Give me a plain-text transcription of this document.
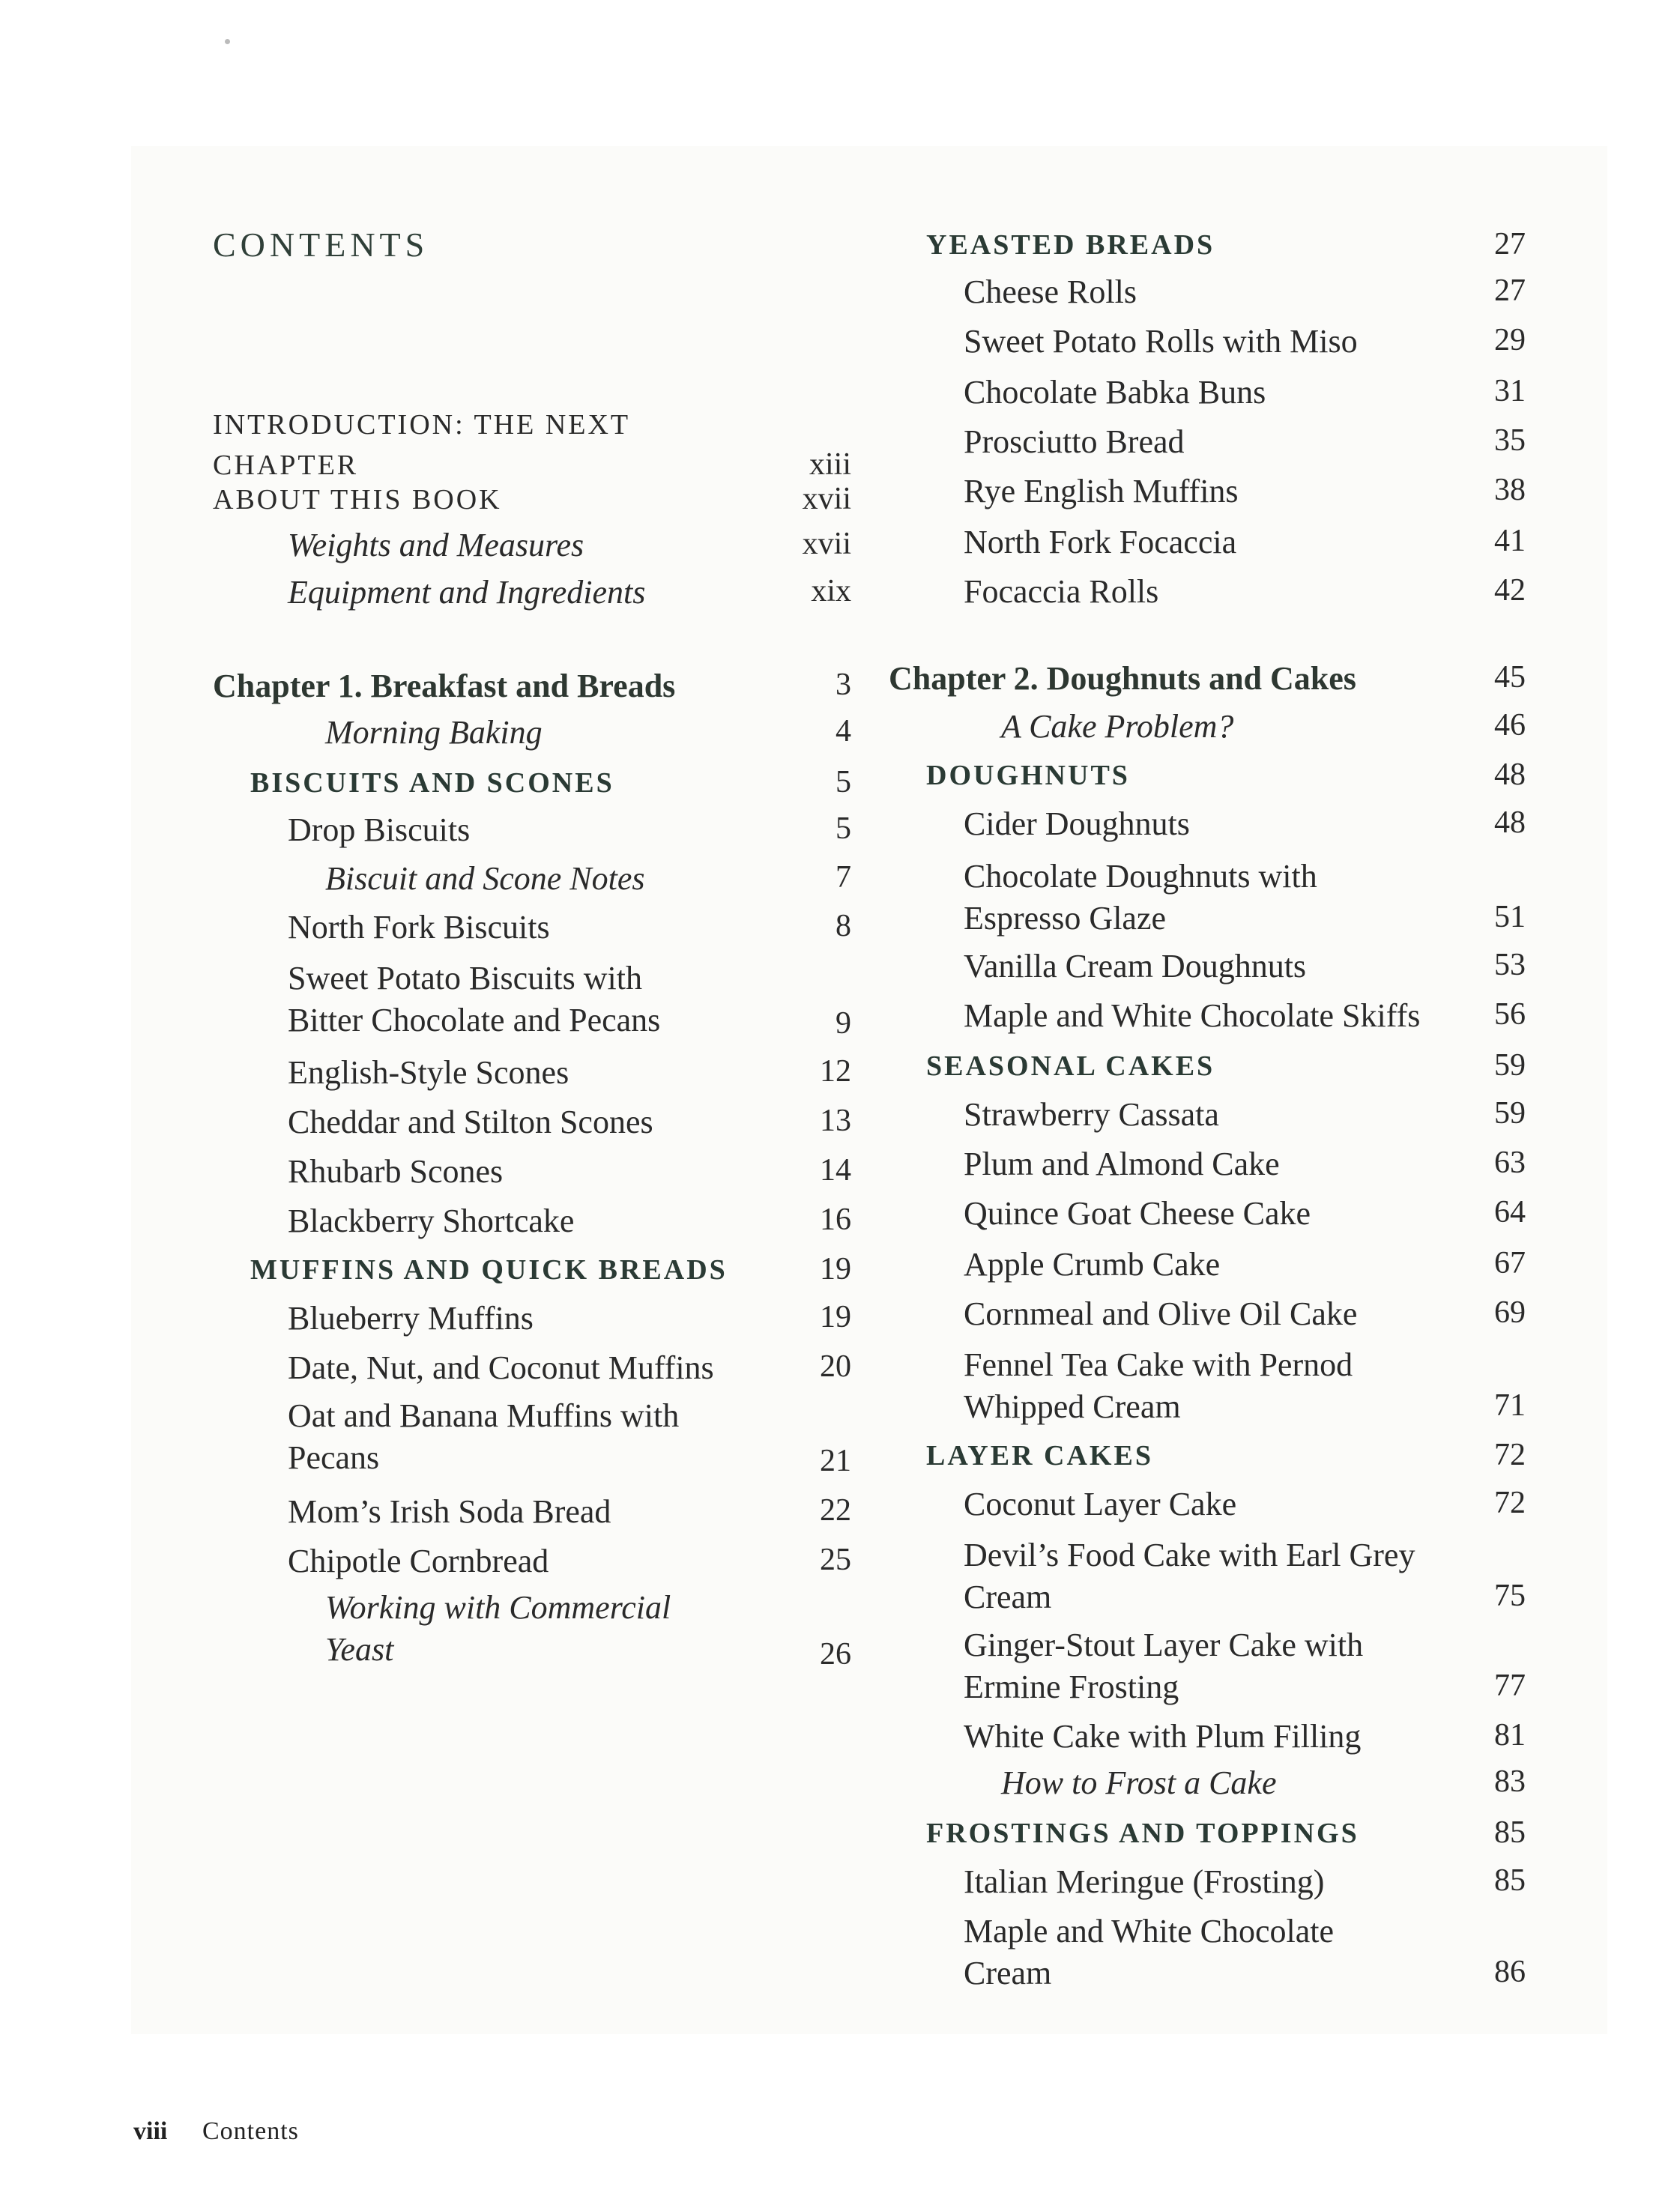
CONTENTS
INTRODUCTION: THE NEXT
CHAPTER	xiii
ABOUT THIS BOOK	xvii
Weights and Measures	xvii
Equipment and Ingredients	xix
Chapter 1. Breakfast and Breads	3
Morning Baking	4
BISCUITS AND SCONES	5
Drop Biscuits	5
Biscuit and Scone Notes	7
North Fork Biscuits	8
Sweet Potato Biscuits with
Bitter Chocolate and Pecans	9
English-Style Scones	12
Cheddar and Stilton Scones	13
Rhubarb Scones	14
Blackberry Shortcake	16
MUFFINS AND QUICK BREADS	19
Blueberry Muffins	19
Date, Nut, and Coconut Muffins	20
Oat and Banana Muffins with
Pecans	21
Mom’s Irish Soda Bread	22
Chipotle Cornbread	25
Working with Commercial
Yeast	26
YEASTED BREADS	27
Cheese Rolls	27
Sweet Potato Rolls with Miso	29
Chocolate Babka Buns	31
Prosciutto Bread	35
Rye English Muffins	38
North Fork Focaccia	41
Focaccia Rolls	42
Chapter 2. Doughnuts and Cakes	45
A Cake Problem?	46
DOUGHNUTS	48
Cider Doughnuts	48
Chocolate Doughnuts with
Espresso Glaze	51
Vanilla Cream Doughnuts	53
Maple and White Chocolate Skiffs 56
SEASONAL CAKES	59
Strawberry Cassata	59
Plum and Almond Cake	63
Quince Goat Cheese Cake	64
Apple Crumb Cake	67
Cornmeal and Olive Oil Cake	69
Fennel Tea Cake with Pernod
Whipped Cream	71
LAYER CAKES	72
Coconut Layer Cake	72
Devil’s Food Cake with Earl Grey
Cream	75
Ginger-Stout Layer Cake with
Ermine Frosting	77
White Cake with Plum Filling	81
How to Frost a Cake	83
FROSTINGS AND TOPPINGS	85
Italian Meringue (Frosting)	85
Maple and White Chocolate
Cream	86
viii Contents
